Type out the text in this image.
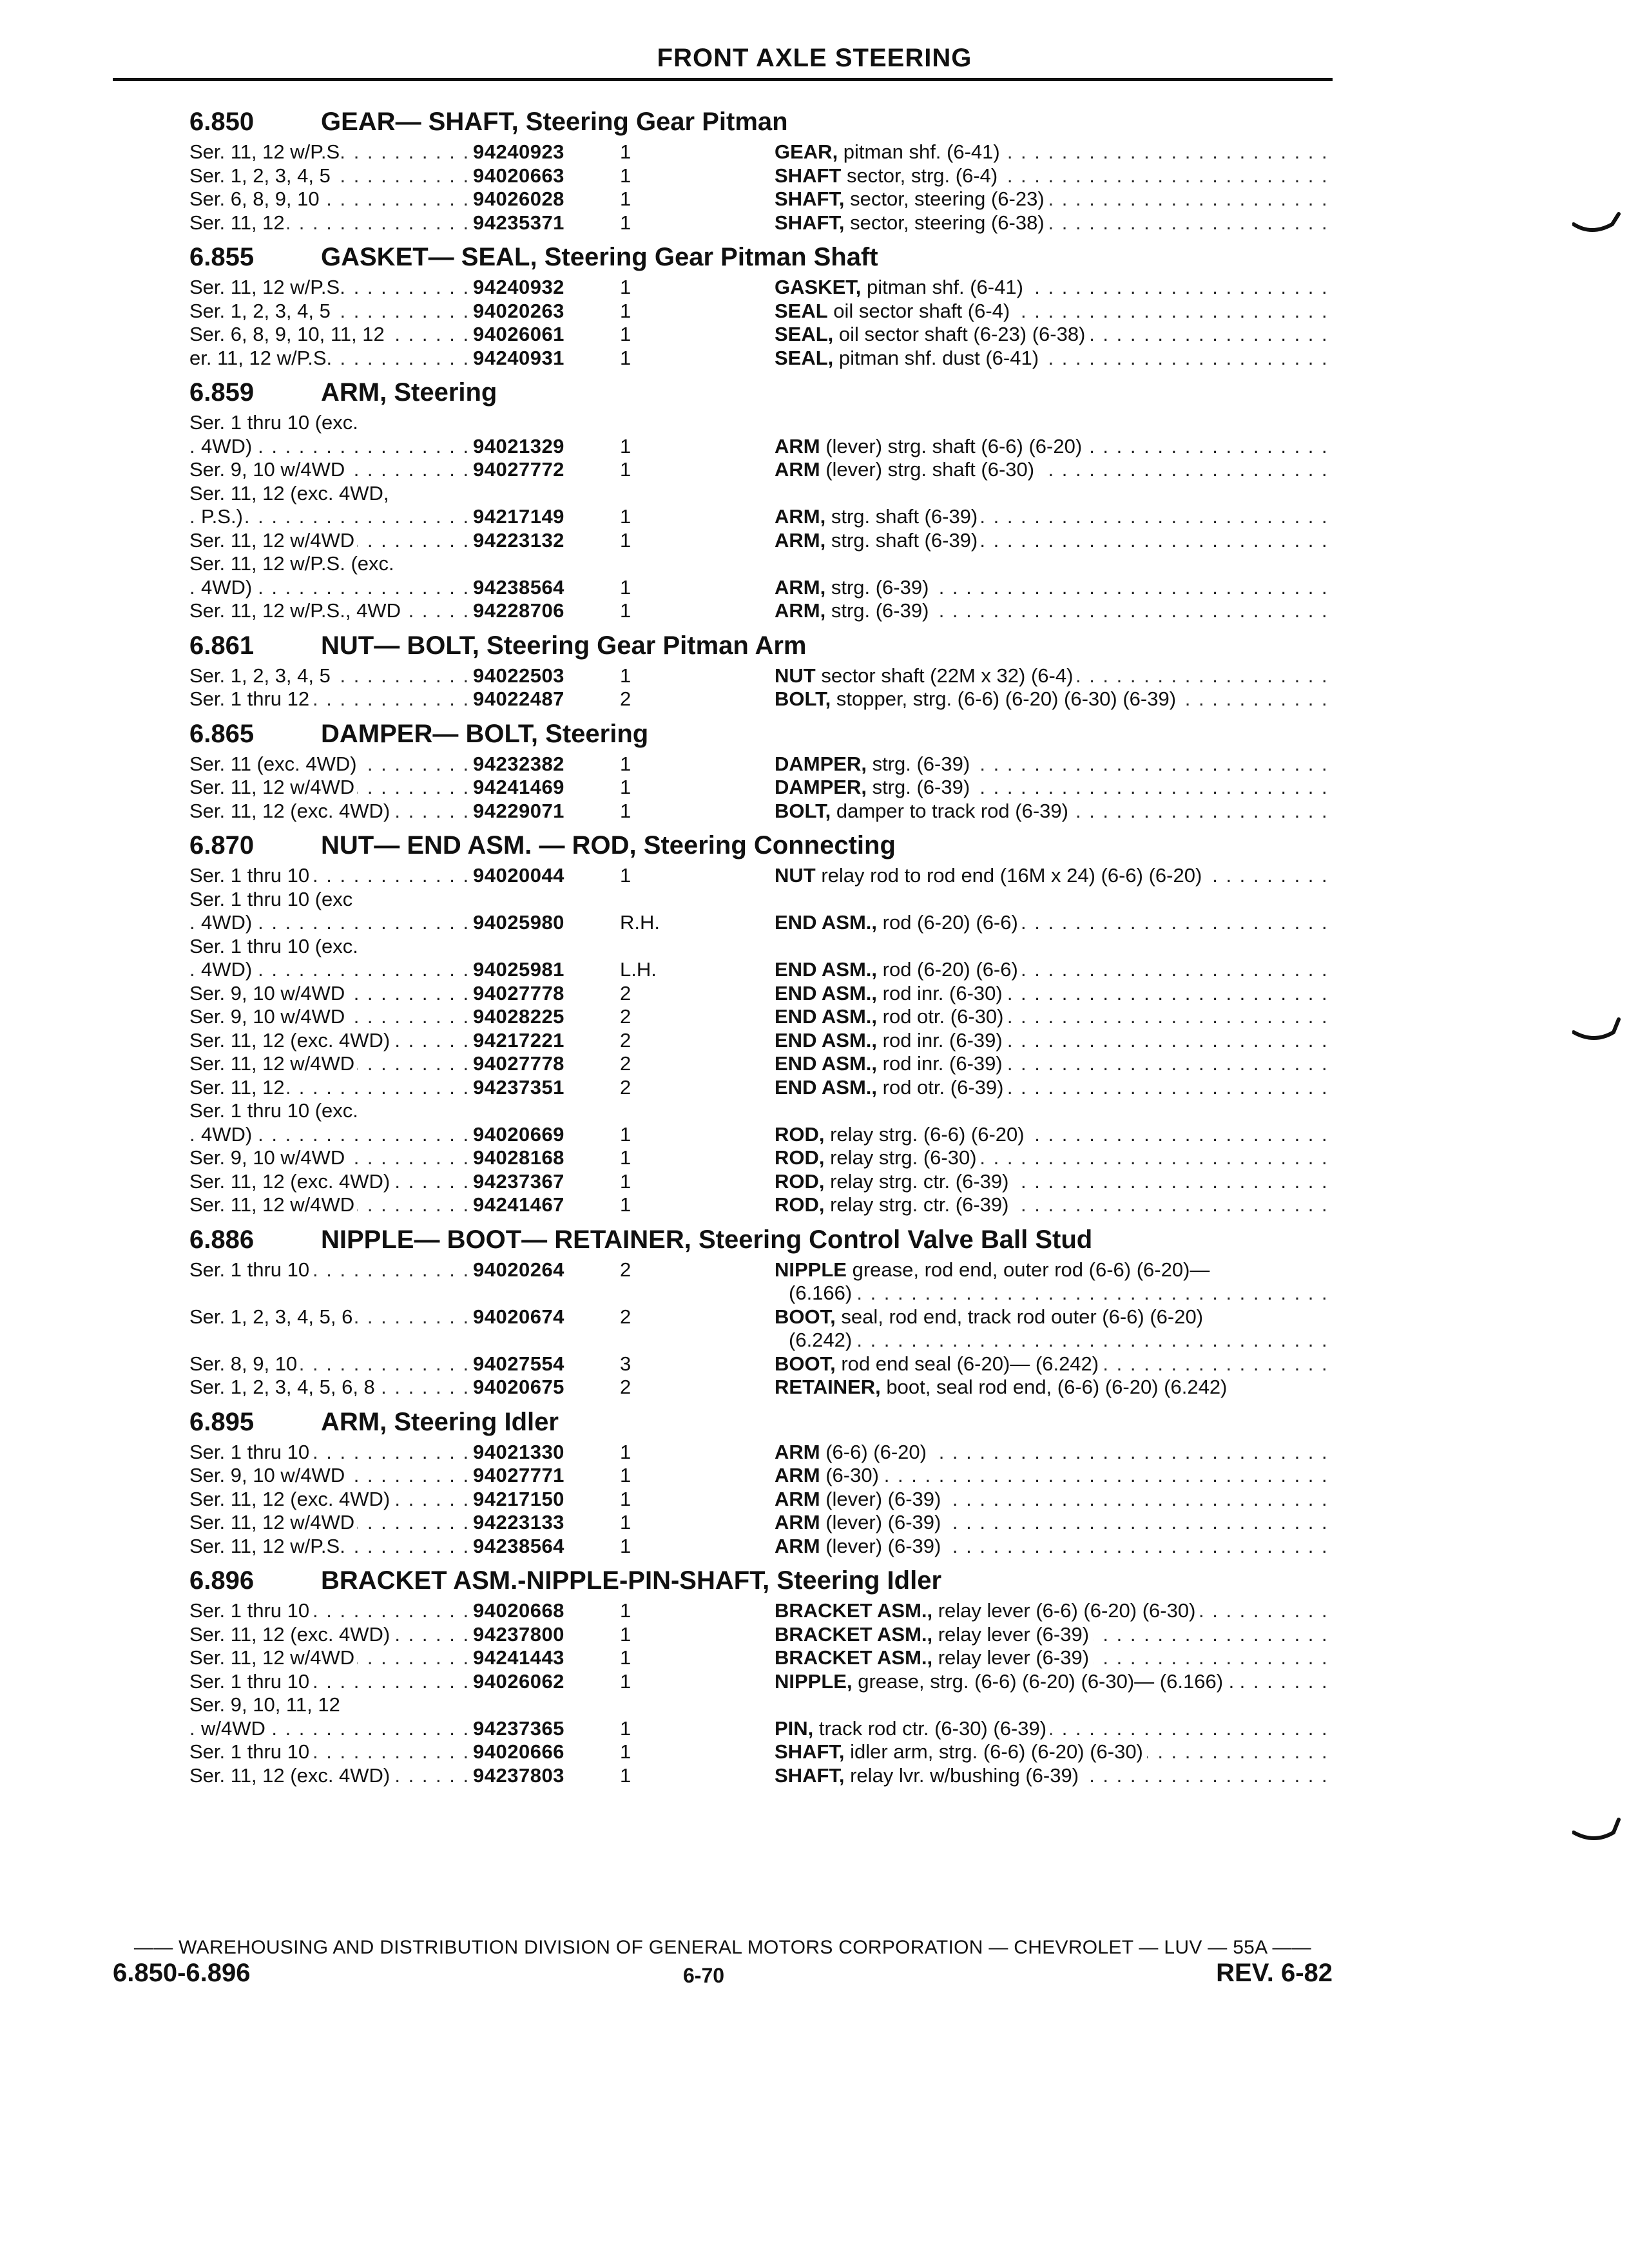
FRONT AXLE STEERING
6.850	GEAR— SHAFT, Steering Gear Pitman
Ser. 11, 12 w/P.S. . . .	94240923	1	GEAR, pitman shf. (6-41) . . .
Ser. 1, 2, 3, 4, 5 . . .	94020663	1	SHAFT sector, strg. (6-4) . . .
Ser. 6, 8, 9, 10 . . .	94026028	1	SHAFT, sector, steering (6-23) . . .
Ser. 11, 12 . . .	94235371	1	SHAFT, sector, steering (6-38) . . .
6.855	GASKET— SEAL, Steering Gear Pitman Shaft
Ser. 11, 12 w/P.S. . . .	94240932	1	GASKET, pitman shf. (6-41) . . .
Ser. 1, 2, 3, 4, 5 . . .	94020263	1	SEAL oil sector shaft (6-4) . . .
Ser. 6, 8, 9, 10, 11, 12 . . .	94026061	1	SEAL, oil sector shaft (6-23) (6-38) . . .
er. 11, 12 w/P.S. . . .	94240931	1	SEAL, pitman shf. dust (6-41) . . .
6.859	ARM, Steering
Ser. 1 thru 10 (exc.
4WD) . . .	94021329	1	ARM (lever) strg. shaft (6-6) (6-20) . . .
Ser. 9, 10 w/4WD . . .	94027772	1	ARM (lever) strg. shaft (6-30) . . .
Ser. 11, 12 (exc. 4WD,
P.S.) . . .	94217149	1	ARM, strg. shaft (6-39) . . .
Ser. 11, 12 w/4WD . . .	94223132	1	ARM, strg. shaft (6-39) . . .
Ser. 11, 12 w/P.S. (exc.
4WD) . . .	94238564	1	ARM, strg. (6-39) . . .
Ser. 11, 12 w/P.S., 4WD . . .	94228706	1	ARM, strg. (6-39) . . .
6.861	NUT— BOLT, Steering Gear Pitman Arm
Ser. 1, 2, 3, 4, 5 . . .	94022503	1	NUT sector shaft (22M x 32) (6-4) . . .
Ser. 1 thru 12 . . .	94022487	2	BOLT, stopper, strg. (6-6) (6-20) (6-30) (6-39) . . .
6.865	DAMPER— BOLT, Steering
Ser. 11 (exc. 4WD) . . .	94232382	1	DAMPER, strg. (6-39) . . .
Ser. 11, 12 w/4WD . . .	94241469	1	DAMPER, strg. (6-39) . . .
Ser. 11, 12 (exc. 4WD) . . .	94229071	1	BOLT, damper to track rod (6-39) . . .
6.870	NUT— END ASM. — ROD, Steering Connecting
Ser. 1 thru 10 . . .	94020044	1	NUT relay rod to rod end (16M x 24) (6-6) (6-20) . . .
Ser. 1 thru 10 (exc
4WD) . . .	94025980	R.H.	END ASM., rod (6-20) (6-6) . . .
Ser. 1 thru 10 (exc.
4WD) . . .	94025981	L.H.	END ASM., rod (6-20) (6-6) . . .
Ser. 9, 10 w/4WD . . .	94027778	2	END ASM., rod inr. (6-30) . . .
Ser. 9, 10 w/4WD . . .	94028225	2	END ASM., rod otr. (6-30) . . .
Ser. 11, 12 (exc. 4WD) . . .	94217221	2	END ASM., rod inr. (6-39) . . .
Ser. 11, 12 w/4WD . . .	94027778	2	END ASM., rod inr. (6-39) . . .
Ser. 11, 12 . . .	94237351	2	END ASM., rod otr. (6-39) . . .
Ser. 1 thru 10 (exc.
4WD) . . .	94020669	1	ROD, relay strg. (6-6) (6-20) . . .
Ser. 9, 10 w/4WD . . .	94028168	1	ROD, relay strg. (6-30) . . .
Ser. 11, 12 (exc. 4WD) . . .	94237367	1	ROD, relay strg. ctr. (6-39) . . .
Ser. 11, 12 w/4WD . . .	94241467	1	ROD, relay strg. ctr. (6-39) . . .
6.886	NIPPLE— BOOT— RETAINER, Steering Control Valve Ball Stud
Ser. 1 thru 10 . . .	94020264	2	NIPPLE grease, rod end, outer rod (6-6) (6-20)—
(6.166) . . .
Ser. 1, 2, 3, 4, 5, 6 . . .	94020674	2	BOOT, seal, rod end, track rod outer (6-6) (6-20)
(6.242) . . .
Ser. 8, 9, 10 . . .	94027554	3	BOOT, rod end seal (6-20)— (6.242) . . .
Ser. 1, 2, 3, 4, 5, 6, 8 . . .	94020675	2	RETAINER, boot, seal rod end, (6-6) (6-20) (6.242)
6.895	ARM, Steering Idler
Ser. 1 thru 10 . . .	94021330	1	ARM (6-6) (6-20) . . .
Ser. 9, 10 w/4WD . . .	94027771	1	ARM (6-30) . . .
Ser. 11, 12 (exc. 4WD) . . .	94217150	1	ARM (lever) (6-39) . . .
Ser. 11, 12 w/4WD . . .	94223133	1	ARM (lever) (6-39) . . .
Ser. 11, 12 w/P.S. . . .	94238564	1	ARM (lever) (6-39) . . .
6.896	BRACKET ASM.-NIPPLE-PIN-SHAFT, Steering Idler
Ser. 1 thru 10 . . .	94020668	1	BRACKET ASM., relay lever (6-6) (6-20) (6-30) . . .
Ser. 11, 12 (exc. 4WD) . . .	94237800	1	BRACKET ASM., relay lever (6-39) . . .
Ser. 11, 12 w/4WD . . .	94241443	1	BRACKET ASM., relay lever (6-39) . . .
Ser. 1 thru 10 . . .	94026062	1	NIPPLE, grease, strg. (6-6) (6-20) (6-30)— (6.166) . . . .
Ser. 9, 10, 11, 12
w/4WD . . .	94237365	1	PIN, track rod ctr. (6-30) (6-39) . . .
Ser. 1 thru 10 . . .	94020666	1	SHAFT, idler arm, strg. (6-6) (6-20) (6-30) . . .
Ser. 11, 12 (exc. 4WD) . . .	94237803	1	SHAFT, relay lvr. w/bushing (6-39) . . .
—— WAREHOUSING AND DISTRIBUTION DIVISION OF GENERAL MOTORS CORPORATION — CHEVROLET — LUV — 55A ——
6.850-6.896	6-70	REV. 6-82
